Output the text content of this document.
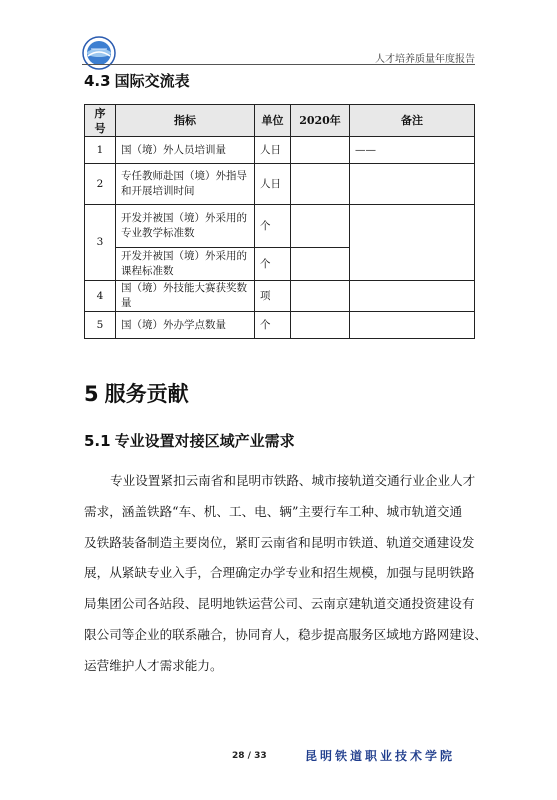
人才培养质量年度报告
4.3 国际交流表
序号	指标	单位	2020年	备注
1	国（境）外人员培训量	人日		——
2	专任教师赴国（境）外指导和开展培训时间	人日		
3	开发并被国（境）外采用的专业教学标准数	个		
	开发并被国（境）外采用的课程标准数	个		
4	国（境）外技能大赛获奖数量	项		
5	国（境）外办学点数量	个		
5 服务贡献
5.1 专业设置对接区域产业需求
专业设置紧扣云南省和昆明市铁路、城市接轨道交通行业企业人才
需求，涵盖铁路“车、机、工、电、辆”主要行车工种、城市轨道交通
及铁路装备制造主要岗位，紧盯云南省和昆明市铁道、轨道交通建设发
展，从紧缺专业入手，合理确定办学专业和招生规模，加强与昆明铁路
局集团公司各站段、昆明地铁运营公司、云南京建轨道交通投资建设有
限公司等企业的联系融合，协同育人，稳步提高服务区域地方路网建设、
运营维护人才需求能力。
28 / 33	昆明铁道职业技术学院
